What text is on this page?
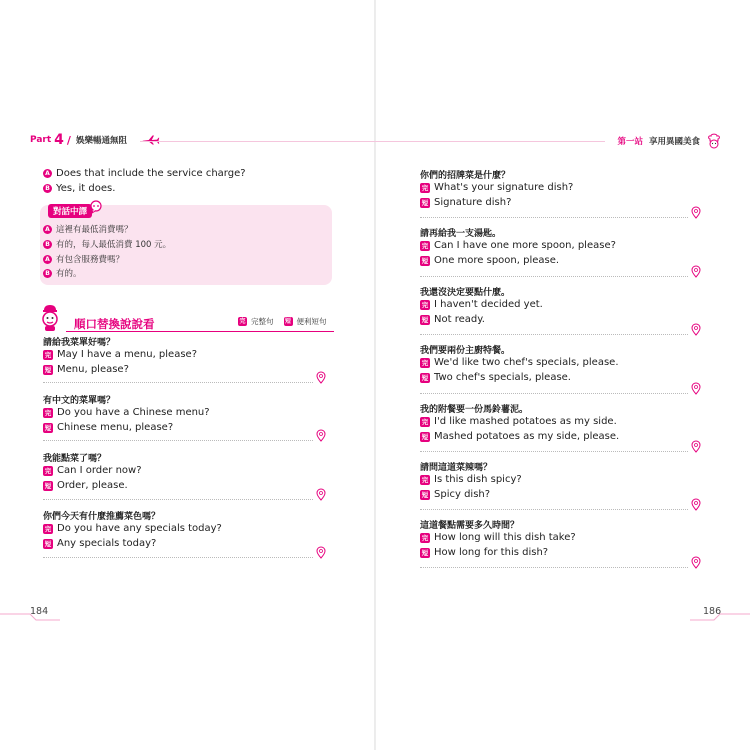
Part 4 / 娛樂暢通無阻
A Does that include the service charge?
B Yes, it does.
對話中譯
A 這裡有最低消費嗎？
B 有的，每人最低消費 100 元。
A 有包含服務費嗎？
B 有的。
順口替換說說看	完 完整句 短 便利短句
請給我菜單好嗎？
完 May I have a menu, please?
短 Menu, please?
有中文的菜單嗎？
完 Do you have a Chinese menu?
短 Chinese menu, please?
我能點菜了嗎？
完 Can I order now?
短 Order, please.
你們今天有什麼推薦菜色嗎？
完 Do you have any specials today?
短 Any specials today?
184
第一站 享用異國美食
你們的招牌菜是什麼？
完 What's your signature dish?
短 Signature dish?
請再給我一支湯匙。
完 Can I have one more spoon, please?
短 One more spoon, please.
我還沒決定要點什麼。
完 I haven't decided yet.
短 Not ready.
我們要兩份主廚特餐。
完 We'd like two chef's specials, please.
短 Two chef's specials, please.
我的附餐要一份馬鈴薯泥。
完 I'd like mashed potatoes as my side.
短 Mashed potatoes as my side, please.
請問這道菜辣嗎？
完 Is this dish spicy?
短 Spicy dish?
這道餐點需要多久時間？
完 How long will this dish take?
短 How long for this dish?
186
